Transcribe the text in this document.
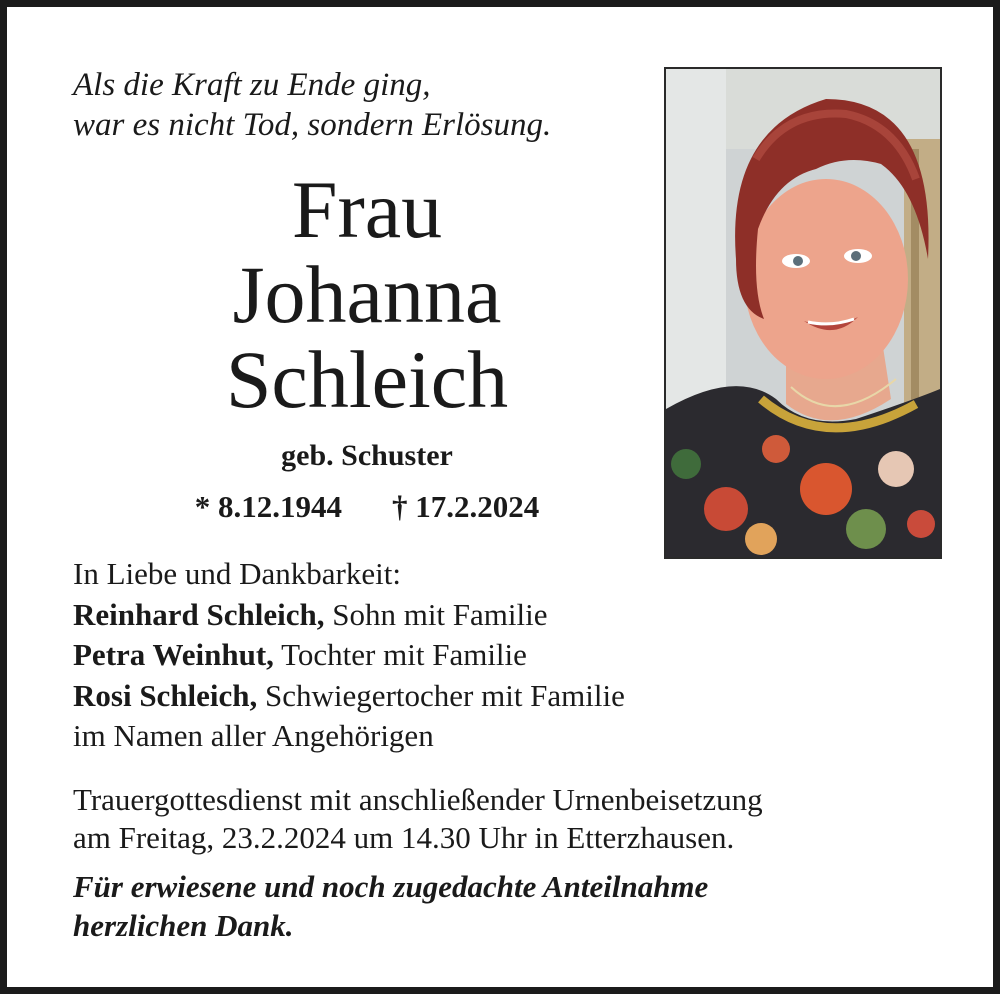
Als die Kraft zu Ende ging,
war es nicht Tod, sondern Erlösung.
Frau
Johanna
Schleich
geb. Schuster
* 8.12.1944 † 17.2.2024
In Liebe und Dankbarkeit:
Reinhard Schleich, Sohn mit Familie
Petra Weinhut, Tochter mit Familie
Rosi Schleich, Schwiegertocher mit Familie
im Namen aller Angehörigen
Trauergottesdienst mit anschließender Urnenbeisetzung
am Freitag, 23.2.2024 um 14.30 Uhr in Etterzhausen.
Für erwiesene und noch zugedachte Anteilnahme
herzlichen Dank.
